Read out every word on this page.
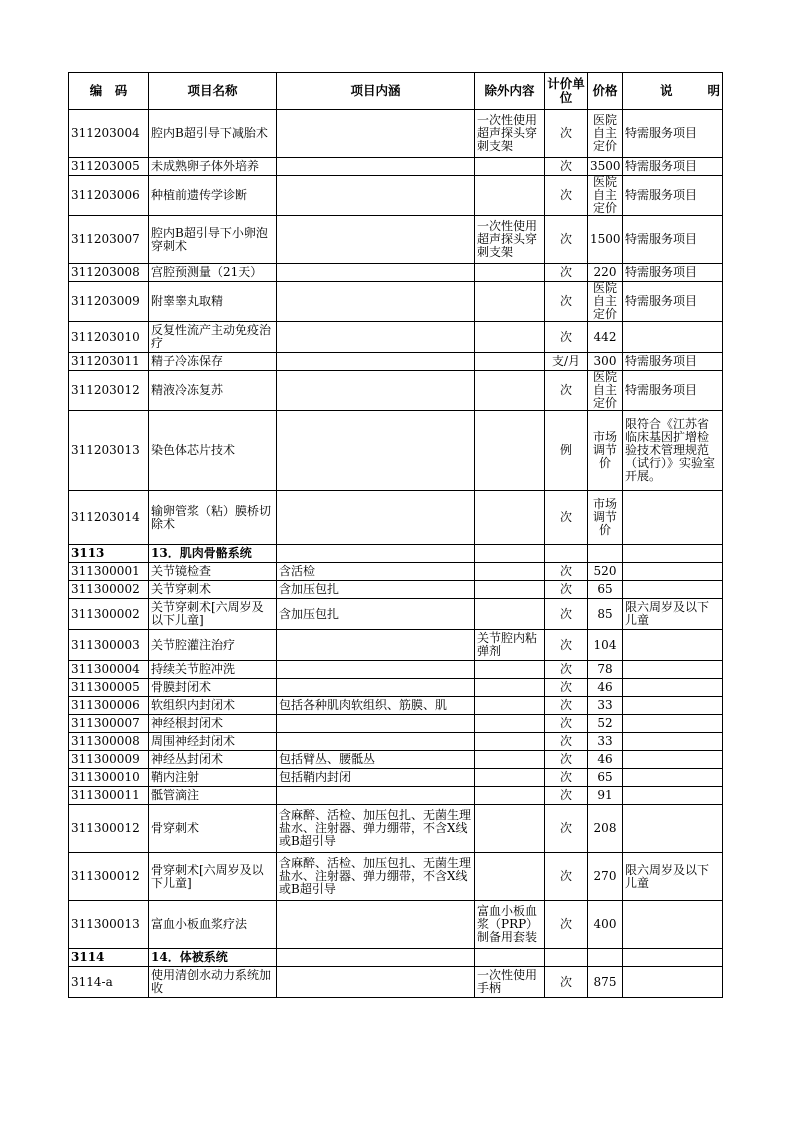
编　码	项目名称	项目内涵	除外内容	计价单位	价格	说 明

311203004	腔内B超引导下减胎术		一次性使用超声探头穿刺支架	次	医院自主定价	特需服务项目
311203005	未成熟卵子体外培养			次	3500	特需服务项目
311203006	种植前遗传学诊断			次	医院自主定价	特需服务项目
311203007	腔内B超引导下小卵泡穿刺术		一次性使用超声探头穿刺支架	次	1500	特需服务项目
311203008	宫腔预测量（21天）			次	220	特需服务项目
311203009	附睾睾丸取精			次	医院自主定价	特需服务项目
311203010	反复性流产主动免疫治疗			次	442	
311203011	精子冷冻保存			支/月	300	特需服务项目
311203012	精液冷冻复苏			次	医院自主定价	特需服务项目
311203013	染色体芯片技术			例	市场调节价	限符合《江苏省临床基因扩增检验技术管理规范（试行）》实验室开展。
311203014	输卵管浆（粘）膜桥切除术			次	市场调节价	
3113	13．肌肉骨骼系统					
311300001	关节镜检查	含活检		次	520	
311300002	关节穿刺术	含加压包扎		次	65	
311300002	关节穿刺术[六周岁及以下儿童]	含加压包扎		次	85	限六周岁及以下儿童
311300003	关节腔灌注治疗		关节腔内粘弹剂	次	104	
311300004	持续关节腔冲洗			次	78	
311300005	骨膜封闭术			次	46	
311300006	软组织内封闭术	包括各种肌肉软组织、筋膜、肌		次	33	
311300007	神经根封闭术			次	52	
311300008	周围神经封闭术			次	33	
311300009	神经丛封闭术	包括臂丛、腰骶丛		次	46	
311300010	鞘内注射	包括鞘内封闭		次	65	
311300011	骶管滴注			次	91	
311300012	骨穿刺术	含麻醉、活检、加压包扎、无菌生理盐水、注射器、弹力绷带，不含X线或B超引导		次	208	
311300012	骨穿刺术[六周岁及以下儿童]	含麻醉、活检、加压包扎、无菌生理盐水、注射器、弹力绷带，不含X线或B超引导		次	270	限六周岁及以下儿童
311300013	富血小板血浆疗法		富血小板血浆（PRP）制备用套装	次	400	
3114	14．体被系统					
3114-a	使用清创水动力系统加收		一次性使用手柄	次	875	
